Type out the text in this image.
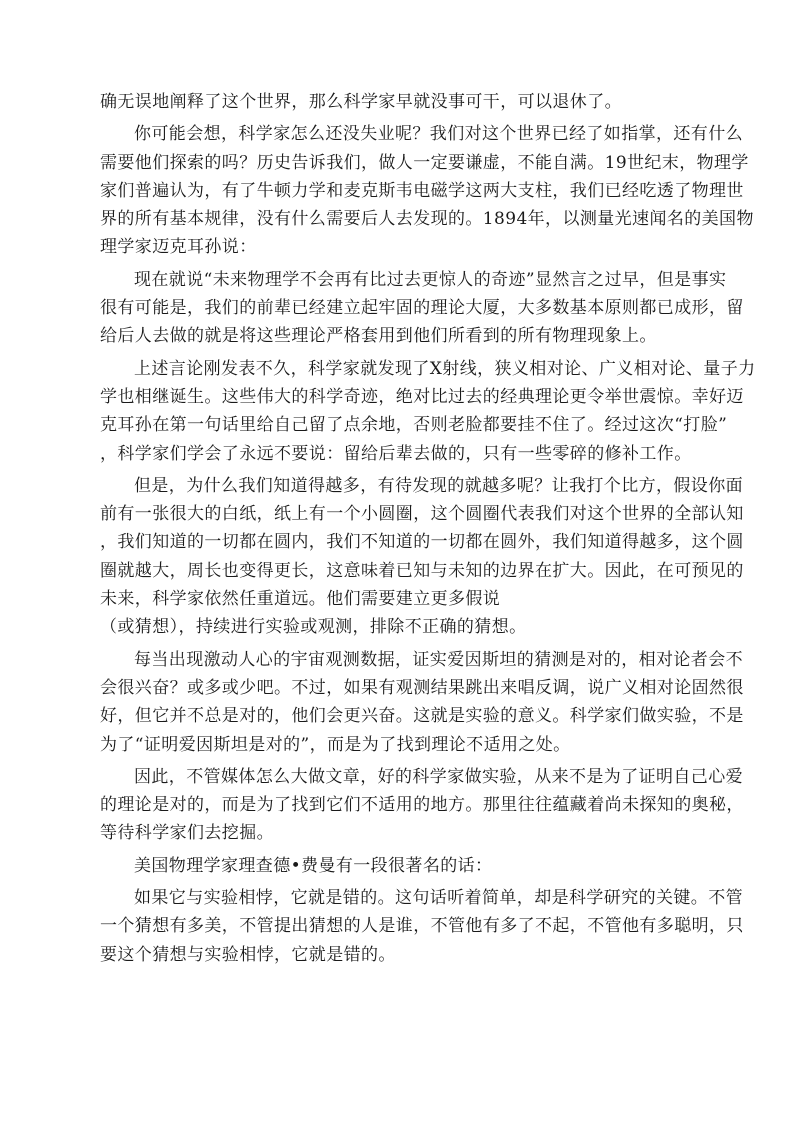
确无误地阐释了这个世界，那么科学家早就没事可干，可以退休了。
你可能会想，科学家怎么还没失业呢？我们对这个世界已经了如指掌，还有什么
需要他们探索的吗？历史告诉我们，做人一定要谦虚，不能自满。19世纪末，物理学
家们普遍认为，有了牛顿力学和麦克斯韦电磁学这两大支柱，我们已经吃透了物理世
界的所有基本规律，没有什么需要后人去发现的。1894年，以测量光速闻名的美国物
理学家迈克耳孙说：
现在就说“未来物理学不会再有比过去更惊人的奇迹”显然言之过早，但是事实
很有可能是，我们的前辈已经建立起牢固的理论大厦，大多数基本原则都已成形，留
给后人去做的就是将这些理论严格套用到他们所看到的所有物理现象上。
上述言论刚发表不久，科学家就发现了X射线，狭义相对论、广义相对论、量子力
学也相继诞生。这些伟大的科学奇迹，绝对比过去的经典理论更令举世震惊。幸好迈
克耳孙在第一句话里给自己留了点余地，否则老脸都要挂不住了。经过这次“打脸”
，科学家们学会了永远不要说：留给后辈去做的，只有一些零碎的修补工作。
但是，为什么我们知道得越多，有待发现的就越多呢？让我打个比方，假设你面
前有一张很大的白纸，纸上有一个小圆圈，这个圆圈代表我们对这个世界的全部认知
，我们知道的一切都在圆内，我们不知道的一切都在圆外，我们知道得越多，这个圆
圈就越大，周长也变得更长，这意味着已知与未知的边界在扩大。因此，在可预见的
未来，科学家依然任重道远。他们需要建立更多假说
（或猜想），持续进行实验或观测，排除不正确的猜想。
每当出现激动人心的宇宙观测数据，证实爱因斯坦的猜测是对的，相对论者会不
会很兴奋？或多或少吧。不过，如果有观测结果跳出来唱反调，说广义相对论固然很
好，但它并不总是对的，他们会更兴奋。这就是实验的意义。科学家们做实验，不是
为了“证明爱因斯坦是对的”，而是为了找到理论不适用之处。
因此，不管媒体怎么大做文章，好的科学家做实验，从来不是为了证明自己心爱
的理论是对的，而是为了找到它们不适用的地方。那里往往蕴藏着尚未探知的奥秘，
等待科学家们去挖掘。
美国物理学家理查德•费曼有一段很著名的话：
如果它与实验相悖，它就是错的。这句话听着简单，却是科学研究的关键。不管
一个猜想有多美，不管提出猜想的人是谁，不管他有多了不起，不管他有多聪明，只
要这个猜想与实验相悖，它就是错的。
